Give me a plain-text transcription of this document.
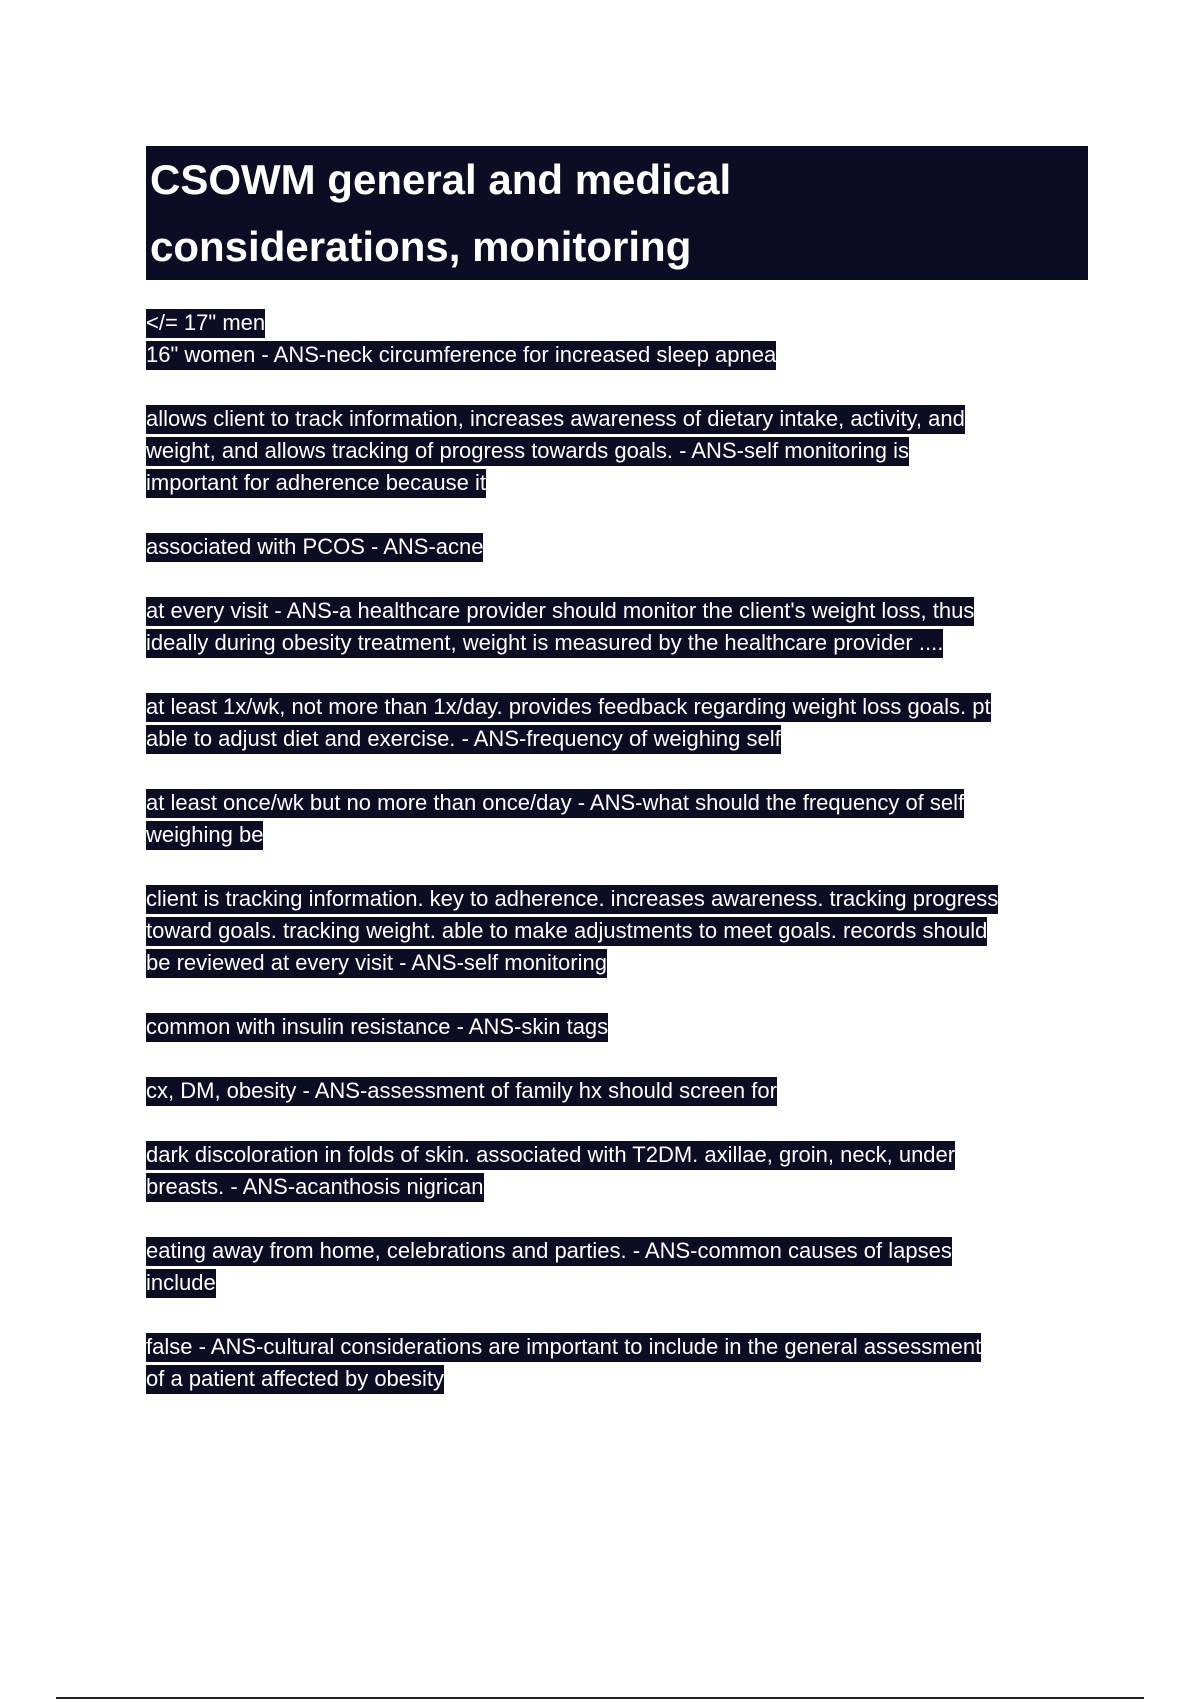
CSOWM general and medical
considerations, monitoring
</= 17" men
16" women - ANS-neck circumference for increased sleep apnea
allows client to track information, increases awareness of dietary intake, activity, and
weight, and allows tracking of progress towards goals. - ANS-self monitoring is
important for adherence because it
associated with PCOS - ANS-acne
at every visit - ANS-a healthcare provider should monitor the client's weight loss, thus
ideally during obesity treatment, weight is measured by the healthcare provider ....
at least 1x/wk, not more than 1x/day. provides feedback regarding weight loss goals. pt
able to adjust diet and exercise. - ANS-frequency of weighing self
at least once/wk but no more than once/day - ANS-what should the frequency of self
weighing be
client is tracking information. key to adherence. increases awareness. tracking progress
toward goals. tracking weight. able to make adjustments to meet goals. records should
be reviewed at every visit - ANS-self monitoring
common with insulin resistance - ANS-skin tags
cx, DM, obesity - ANS-assessment of family hx should screen for
dark discoloration in folds of skin. associated with T2DM. axillae, groin, neck, under
breasts. - ANS-acanthosis nigrican
eating away from home, celebrations and parties. - ANS-common causes of lapses
include
false - ANS-cultural considerations are important to include in the general assessment
of a patient affected by obesity
